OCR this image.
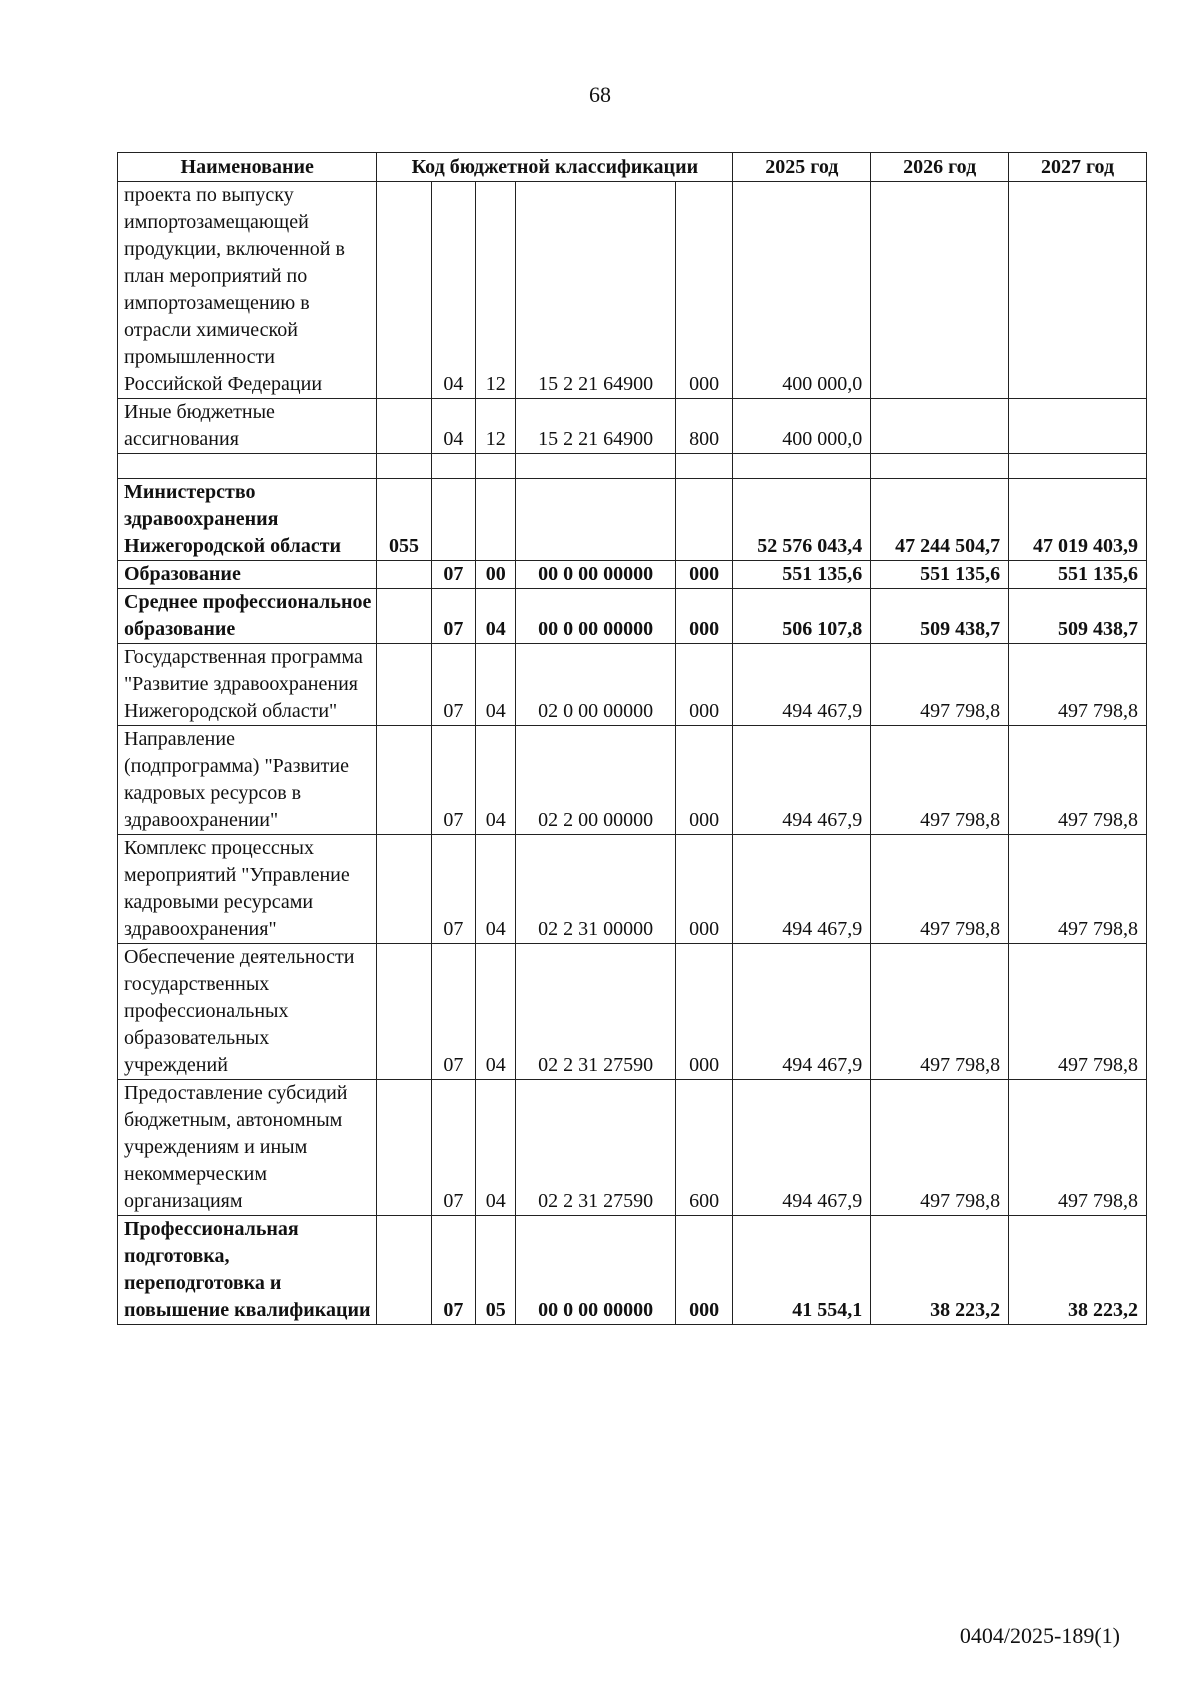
68
Наименование	Код бюджетной классификации					2025 год	2026 год	2027 год
проекта по выпуску импортозамещающей продукции, включенной в план мероприятий по импортозамещению в отрасли химической промышленности Российской Федерации		04	12	15 2 21 64900	000	400 000,0		
Иные бюджетные ассигнования		04	12	15 2 21 64900	800	400 000,0		

Министерство здравоохранения Нижегородской области	055					52 576 043,4	47 244 504,7	47 019 403,9
Образование		07	00	00 0 00 00000	000	551 135,6	551 135,6	551 135,6
Среднее профессиональное образование		07	04	00 0 00 00000	000	506 107,8	509 438,7	509 438,7
Государственная программа "Развитие здравоохранения Нижегородской области"		07	04	02 0 00 00000	000	494 467,9	497 798,8	497 798,8
Направление (подпрограмма) "Развитие кадровых ресурсов в здравоохранении"		07	04	02 2 00 00000	000	494 467,9	497 798,8	497 798,8
Комплекс процессных мероприятий "Управление кадровыми ресурсами здравоохранения"		07	04	02 2 31 00000	000	494 467,9	497 798,8	497 798,8
Обеспечение деятельности государственных профессиональных образовательных учреждений		07	04	02 2 31 27590	000	494 467,9	497 798,8	497 798,8
Предоставление субсидий бюджетным, автономным учреждениям и иным некоммерческим организациям		07	04	02 2 31 27590	600	494 467,9	497 798,8	497 798,8
Профессиональная подготовка, переподготовка и повышение квалификации		07	05	00 0 00 00000	000	41 554,1	38 223,2	38 223,2
0404/2025-189(1)
